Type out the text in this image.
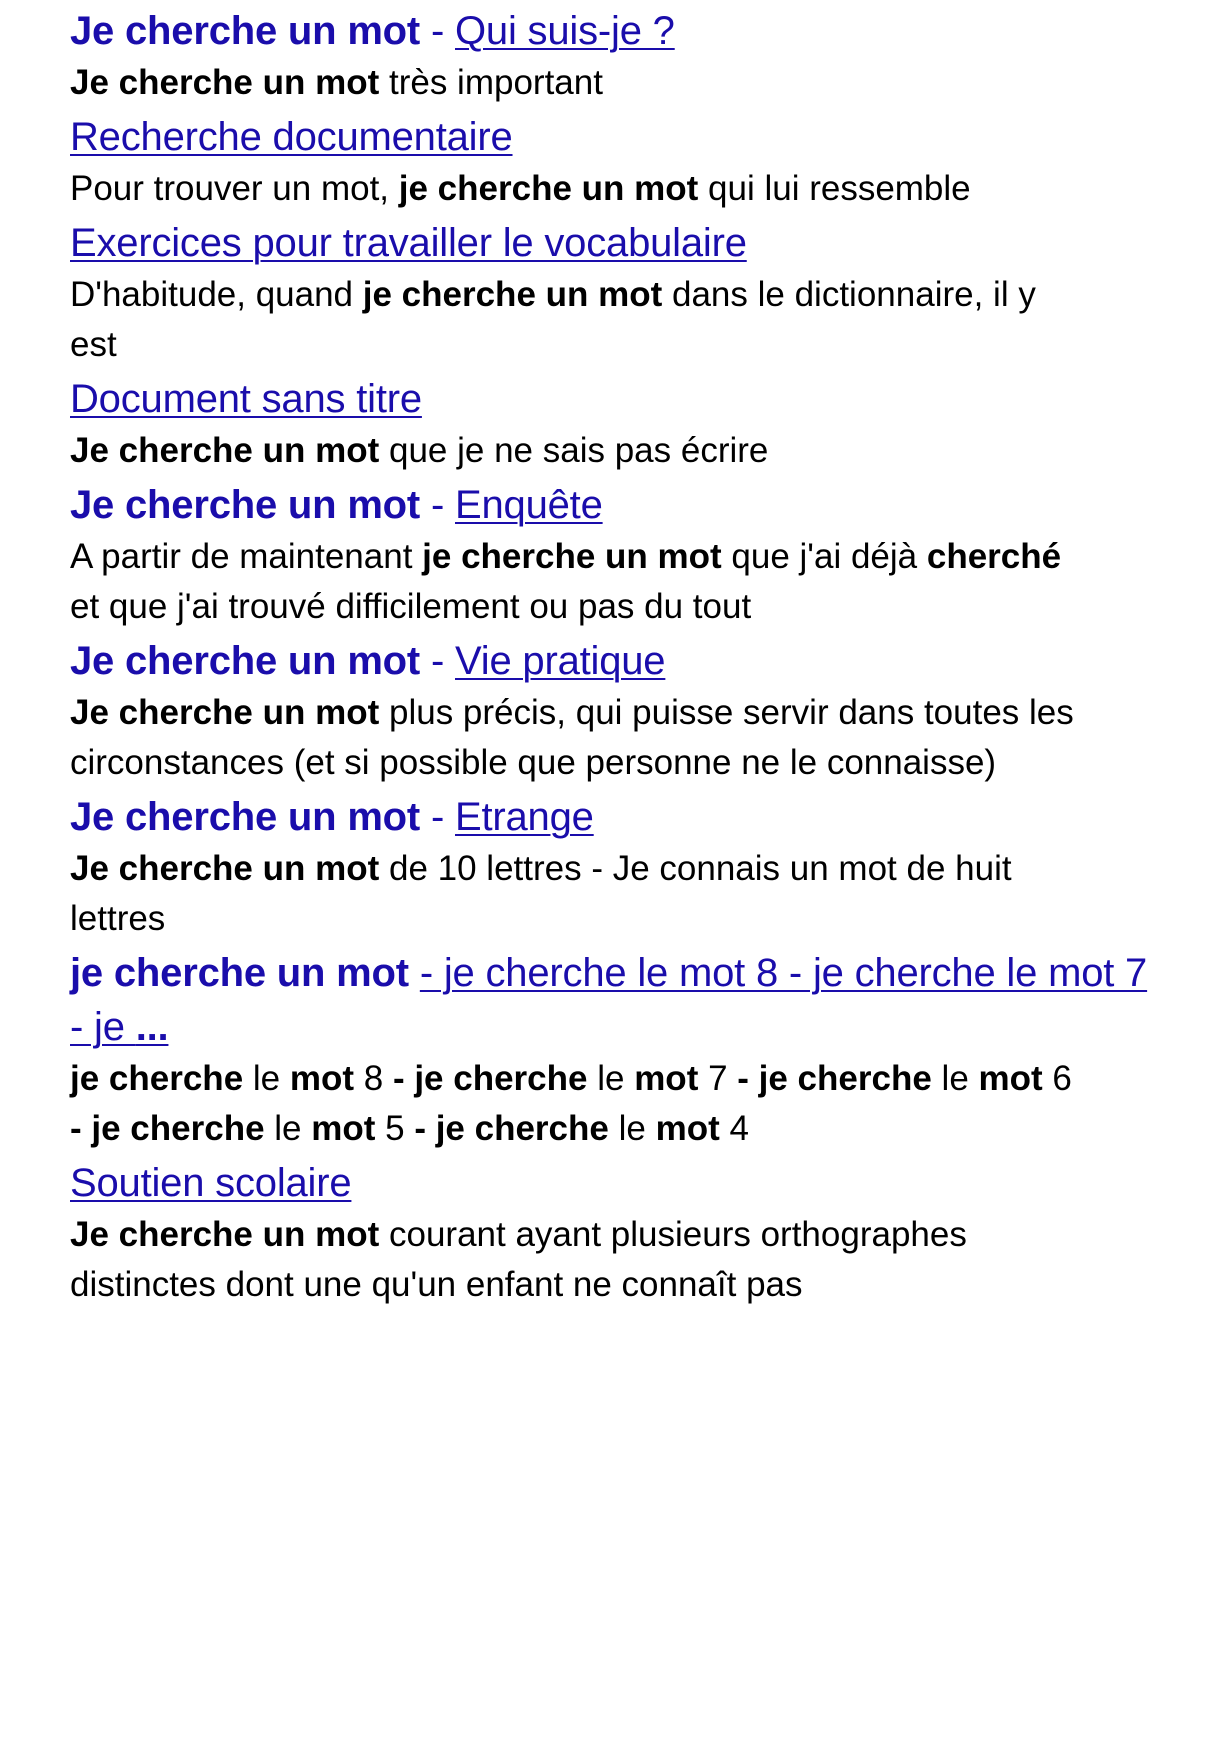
Je cherche un mot - Qui suis-je ?

Je cherche un mot très important

Recherche documentaire

Pour trouver un mot, je cherche un mot qui lui ressemble

Exercices pour travailler le vocabulaire

D'habitude, quand je cherche un mot dans le dictionnaire, il y est

Document sans titre

Je cherche un mot que je ne sais pas écrire

Je cherche un mot - Enquête

A partir de maintenant je cherche un mot que j'ai déjà cherché et que j'ai trouvé difficilement ou pas du tout

Je cherche un mot - Vie pratique

Je cherche un mot plus précis, qui puisse servir dans toutes les circonstances (et si possible que personne ne le connaisse)

Je cherche un mot - Etrange

Je cherche un mot de 10 lettres - Je connais un mot de huit lettres

je cherche un mot - je cherche le mot 8 - je cherche le mot 7 - je ...

je cherche le mot 8 - je cherche le mot 7 - je cherche le mot 6 - je cherche le mot 5 - je cherche le mot 4

Soutien scolaire

Je cherche un mot courant ayant plusieurs orthographes distinctes dont une qu'un enfant ne connaît pas
